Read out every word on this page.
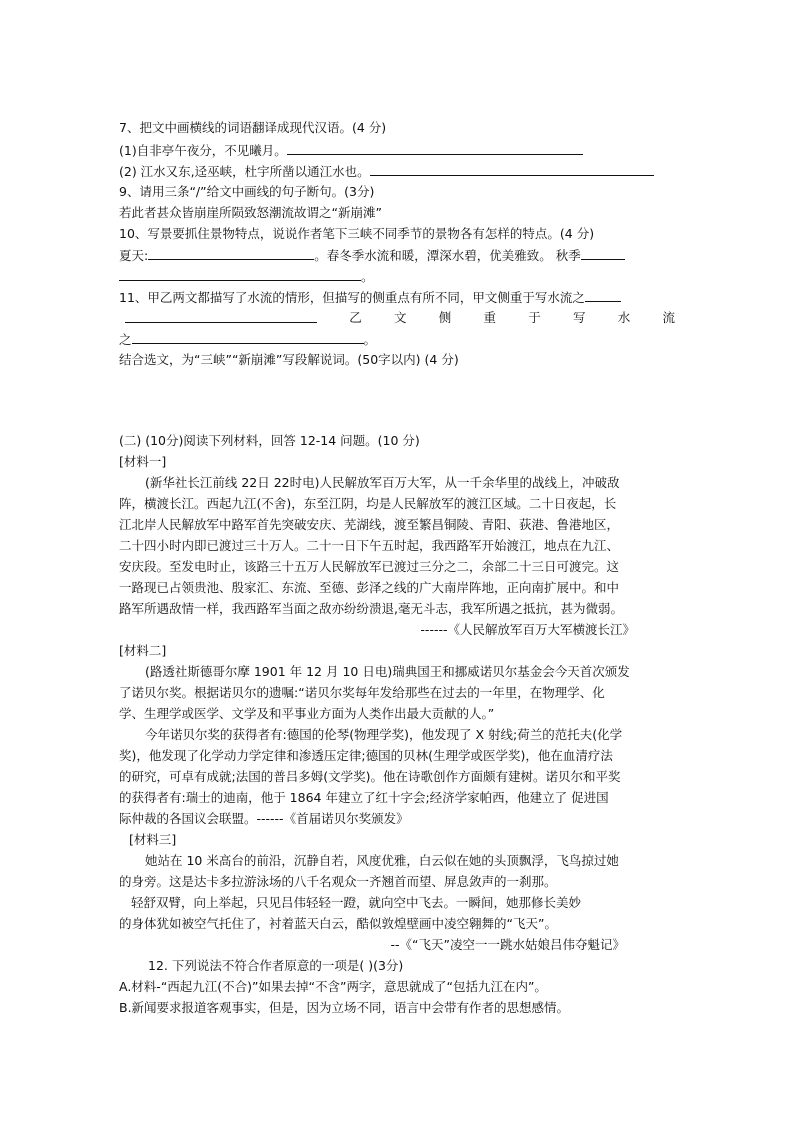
7、把文中画横线的词语翻译成现代汉语。(4 分)
(1)自非亭午夜分，不见曦月。
(2) 江水又东,迳巫峡，杜宇所凿以通江水也。
9、请用三条“/”给文中画线的句子断句。(3分)
若此者甚众皆崩崖所陨致怒潮流故谓之“新崩滩”
10、写景要抓住景物特点，说说作者笔下三峡不同季节的景物各有怎样的特点。(4 分)
夏天:	。春冬季水流和暖，潭深水碧，优美雅致。 秋季
。
11、甲乙两文都描写了水流的情形，但描写的侧重点有所不同，甲文侧重于写水流之
乙	文	侧	重	于	写	水	流
之	。
结合选文，为“三峡”“新崩滩”写段解说词。(50字以内) (4 分)
(二) (10分)阅读下列材料，回答 12-14 问题。(10 分)
[材料一]
(新华社长江前线 22日 22时电)人民解放军百万大军，从一千余华里的战线上，冲破敌
阵，横渡长江。西起九江(不舍)，东至江阴，均是人民解放军的渡江区域。二十日夜起，长
江北岸人民解放军中路军首先突破安庆、芜湖线，渡至繁昌铜陵、青阳、荻港、鲁港地区，
二十四小时内即已渡过三十万人。二十一日下午五时起，我西路军开始渡江，地点在九江、
安庆段。至发电时止，该路三十五万人民解放军已渡过三分之二，余部二十三日可渡完。这
一路现已占领贵池、殷家汇、东流、至德、彭泽之线的广大南岸阵地，正向南扩展中。和中
路军所遇敌情一样，我西路军当面之敌亦纷纷溃退,毫无斗志，我军所遇之抵抗，甚为微弱。
------《人民解放军百万大军横渡长江》
[材料二]
(路透社斯德哥尔摩 1901 年 12 月 10 日电)瑞典国王和挪威诺贝尔基金会今天首次颁发
了诺贝尔奖。根据诺贝尔的遗嘱:“诺贝尔奖每年发给那些在过去的一年里，在物理学、化
学、生理学或医学、文学及和平事业方面为人类作出最大贡献的人。”
今年诺贝尔奖的获得者有:德国的伦琴(物理学奖)，他发现了 X 射线;荷兰的范托夫(化学
奖)，他发现了化学动力学定律和渗透压定律;德国的贝林(生理学或医学奖)，他在血清疗法
的研究，可卓有成就;法国的普吕多姆(文学奖)。他在诗歌创作方面颇有建树。诺贝尔和平奖
的获得者有:瑞士的迪南，他于 1864 年建立了红十字会;经济学家帕西，他建立了 促进国
际仲裁的各国议会联盟。------《首届诺贝尔奖颁发》
[材料三]
她站在 10 米高台的前沿，沉静自若，风度优雅，白云似在她的头顶飘浮，飞鸟掠过她
的身旁。这是达卡多拉游泳场的八千名观众一齐翘首而望、屏息敛声的一刹那。
轻舒双臂，向上举起，只见吕伟轻轻一蹬，就向空中飞去。一瞬间，她那修长美妙
的身体犹如被空气托住了，衬着蓝天白云，酷似敦煌壁画中凌空翱舞的“飞天”。
--《“飞天”凌空一一跳水姑娘吕伟夺魁记》
12. 下列说法不符合作者原意的一项是( )(3分)
A.材料-“西起九江(不合)”如果去掉“不含”两字，意思就成了“包括九江在内”。
B.新闻要求报道客观事实，但是，因为立场不同，语言中会带有作者的思想感情。
